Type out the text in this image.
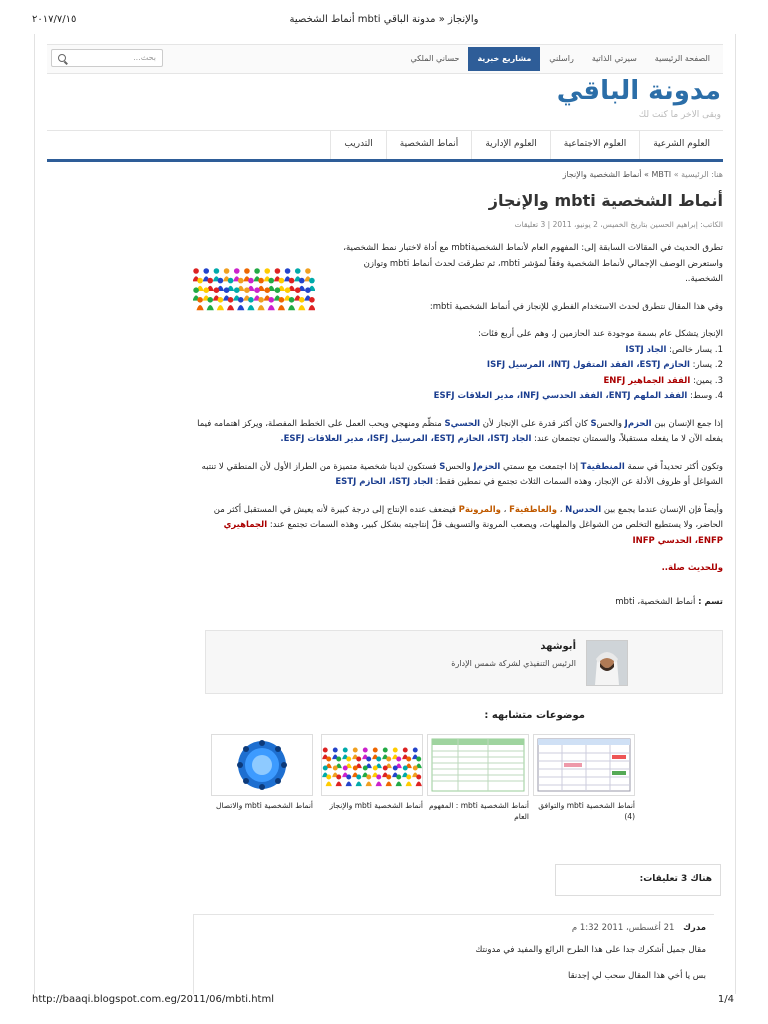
٢٠١٧/٧/١٥	والإنجاز « مدونة الباقي mbti أنماط الشخصية
بحث...	الصفحة الرئيسية
سيرتي الذاتية
راسلني
مشاريع خبرية
حساني الملكي
مدونة الباقي
وبقى الاخر ما كنت لك
العلوم الشرعية
العلوم الاجتماعية
العلوم الإدارية
أنماط الشخصية
التدريب
هنا: الرئيسية » MBTI » أنماط الشخصية والإنجاز
أنماط الشخصية mbti والإنجاز
الكاتب: إبراهيم الحسين بتاريخ الخميس، 2 يونيو، 2011 | 3 تعليقات

تطرق الحديث في المقالات السابقة إلى: المفهوم العام لأنماط الشخصيةmbti مع أداة لاختبار نمط الشخصية، واستعرض الوصف الإجمالي لأنماط الشخصية وفقاً لمؤشر mbti، ثم تطرقت لحدث أنماط mbti وتوازن الشخصية..

وفي هذا المقال نتطرق لحدث الاستخدام الفطري للإنجاز في أنماط الشخصية mbti:

الإنجاز يتشكل عام بسمة موجودة عند الحازمين J، وهم على أربع فئات:

1. يسار خالص: الجاد ISTJ
2. يسار: الحازم ESTJ، الفقد المتقول INTJ، المرسيل ISFJ
3. يمين: الفقد الجماهير ENFJ
4. وسط: الفقد الملهم ENTJ، الفقد الحدسي INFJ، مدير العلاقات ESFJ

إذا جمع الإنسان بين الحزمJ والحسS كان أكثر قدرة على الإنجاز لأن الحسيS منظّم ومنهجي ويحب العمل على الخطط المفصلة، ويركز اهتمامه فيما يفعله الآن لا ما يفعله مستقبلاً، والسمتان تجتمعان عند: الجاد ISTJ، الحازم ESTJ، المرسيل ISFJ، مدير العلاقات ESFJ.

وتكون أكثر تحديداً في سمة المنطقيةT إذا اجتمعت مع سمتي الحزمJ والحسS فستكون لدينا شخصية متميزة من الطراز الأول لأن المنطقي لا تنتبه الشواغل أو ظروف الأدلة عن الإنجاز، وهذه السمات الثلاث تجتمع في نمطين فقط: الجاد ISTJ، الحازم ESTJ

وأيضاً فإن الإنسان عندما يجمع بين الحدسN ، والعاطفيةF ، والمرونةP فيضعف عنده الإنتاج إلى درجة كبيرة لأنه يعيش في المستقبل أكثر من الحاضر، ولا يستطيع التخلص من الشواغل والملهيات، ويصعب المرونة والتسويف قلّ إنتاجيته بشكل كبير، وهذه السمات تجتمع عند: الجماهيري ENFP، الحدسي INFP

وللحديث صلة..

تسم : أنماط الشخصية، mbti
أبوشهد
الرئيس التنفيذي لشركة شمس الإدارة
موضوعات متشابهه :
أنماط الشخصية mbti والاتصال	أنماط الشخصية mbti والإنجاز أنماط الشخصية mbti : المفهوم العام
أنماط الشخصية mbti والتوافق (4)
هناك 3 تعليقات:
مدرك 21 أغسطس، 2011 1:32 م
مقال جميل أشكرك جدا على هذا الطرح الرائع والمفيد في مدونتك
بس يا أخي هذا المقال سحب لي إجدنقا
http://baaqi.blogspot.com.eg/2011/06/mbti.html	1/4
